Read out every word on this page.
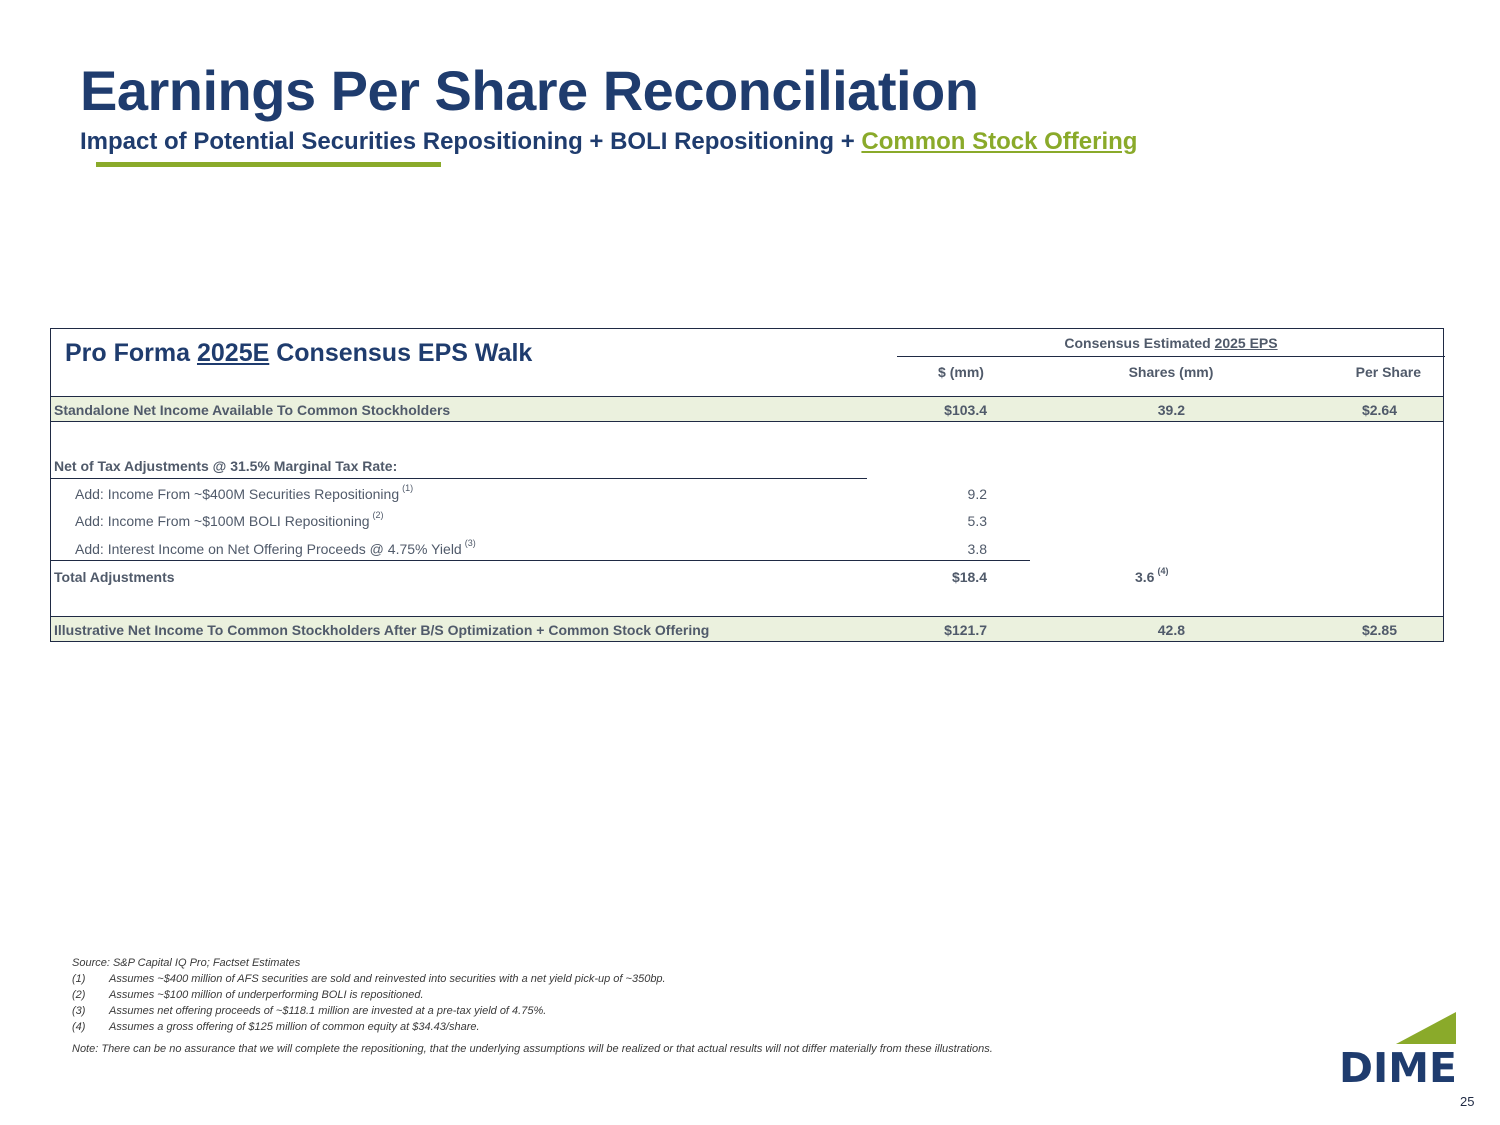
Earnings Per Share Reconciliation
Impact of Potential Securities Repositioning + BOLI Repositioning + Common Stock Offering
Pro Forma 2025E Consensus EPS Walk	Consensus Estimated 2025 EPS
$ (mm)	Shares (mm)	Per Share
Standalone Net Income Available To Common Stockholders	$103.4	39.2	$2.64
Net of Tax Adjustments @ 31.5% Marginal Tax Rate:
Add: Income From ~$400M Securities Repositioning $^{(1)}$	9.2
Add: Income From ~$100M BOLI Repositioning $^{(2)}$	5.3
Add: Interest Income on Net Offering Proceeds @ 4.75% Yield $^{(3)}$	3.8
Total Adjustments	$18.4	3.6 $^{(4)}$
Illustrative Net Income To Common Stockholders After B/S Optimization + Common Stock Offering	$121.7	42.8	$2.85
Source: S&P Capital IQ Pro; Factset Estimates
(1) Assumes ~$400 million of AFS securities are sold and reinvested into securities with a net yield pick-up of ~350bp.
(2) Assumes ~$100 million of underperforming BOLI is repositioned.
(3) Assumes net offering proceeds of ~$118.1 million are invested at a pre-tax yield of 4.75%.
(4) Assumes a gross offering of $125 million of common equity at $34.43/share.
Note: There can be no assurance that we will complete the repositioning, that the underlying assumptions will be realized or that actual results will not differ materially from these illustrations.	DIME
25
